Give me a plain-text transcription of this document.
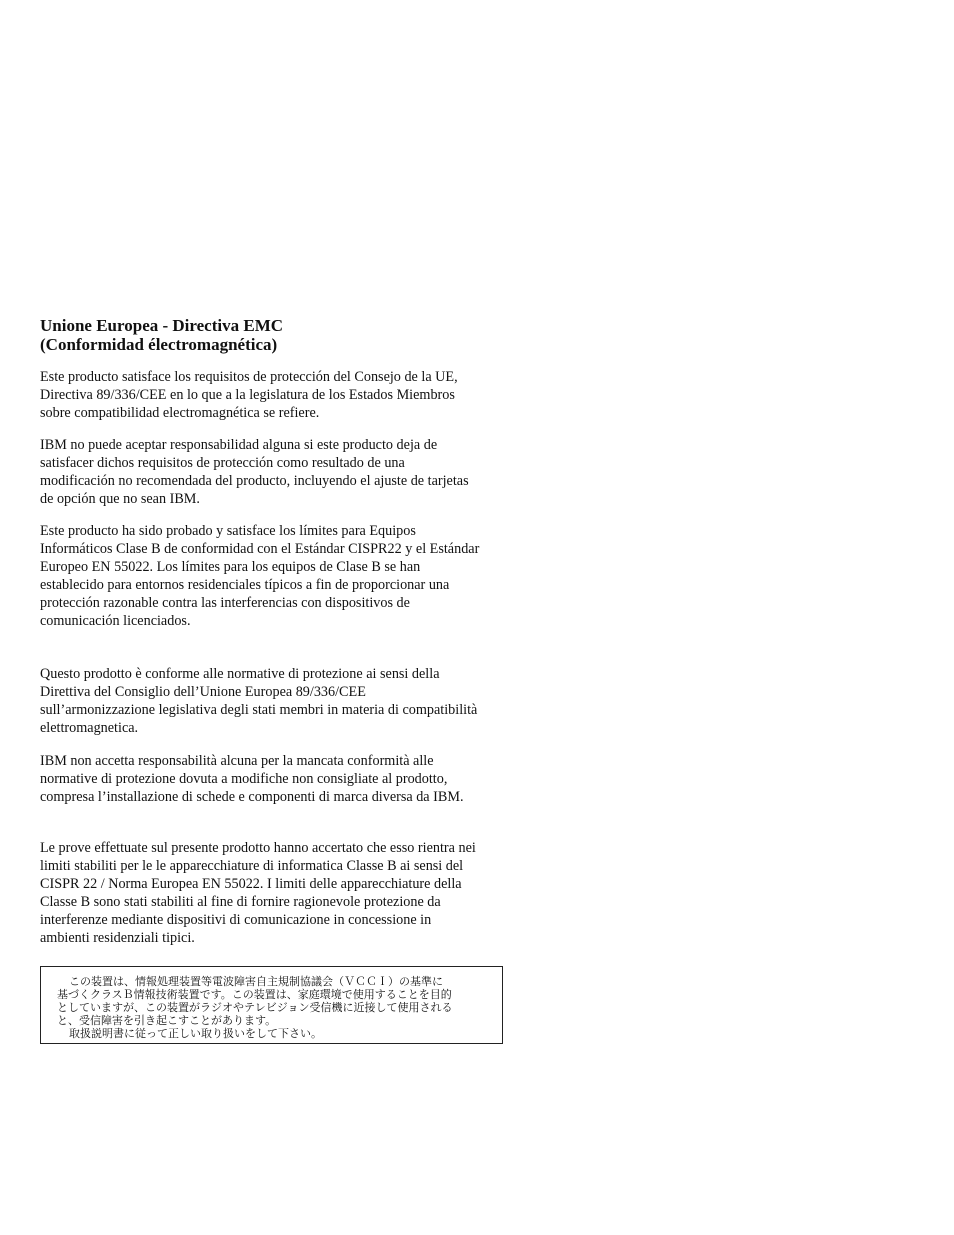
Unione Europea - Directiva EMC
(Conformidad électromagnética)

Este producto satisface los requisitos de protección del Consejo de la UE, Directiva 89/336/CEE en lo que a la legislatura de los Estados Miembros sobre compatibilidad electromagnética se refiere.

IBM no puede aceptar responsabilidad alguna si este producto deja de satisfacer dichos requisitos de protección como resultado de una modificación no recomendada del producto, incluyendo el ajuste de tarjetas de opción que no sean IBM.

Este producto ha sido probado y satisface los límites para Equipos Informáticos Clase B de conformidad con el Estándar CISPR22 y el Estándar Europeo EN 55022. Los límites para los equipos de Clase B se han establecido para entornos residenciales típicos a fin de proporcionar una protección razonable contra las interferencias con dispositivos de comunicación licenciados.

Questo prodotto è conforme alle normative di protezione ai sensi della Direttiva del Consiglio dell’Unione Europea 89/336/CEE sull’armonizzazione legislativa degli stati membri in materia di compatibilità elettromagnetica.

IBM non accetta responsabilità alcuna per la mancata conformità alle normative di protezione dovuta a modifiche non consigliate al prodotto, compresa l’installazione di schede e componenti di marca diversa da IBM.

Le prove effettuate sul presente prodotto hanno accertato che esso rientra nei limiti stabiliti per le le apparecchiature di informatica Classe B ai sensi del CISPR 22 / Norma Europea EN 55022. I limiti delle apparecchiature della Classe B sono stati stabiliti al fine di fornire ragionevole protezione da interferenze mediante dispositivi di comunicazione in concessione in ambienti residenziali tipici.

この装置は、情報処理装置等電波障害自主規制協議会（ＶＣＣＩ）の基準に
基づくクラスＢ情報技術装置です。この装置は、家庭環境で使用することを目的
としていますが、この装置がラジオやテレビジョン受信機に近接して使用される
と、受信障害を引き起こすことがあります。
取扱説明書に従って正しい取り扱いをして下さい。
